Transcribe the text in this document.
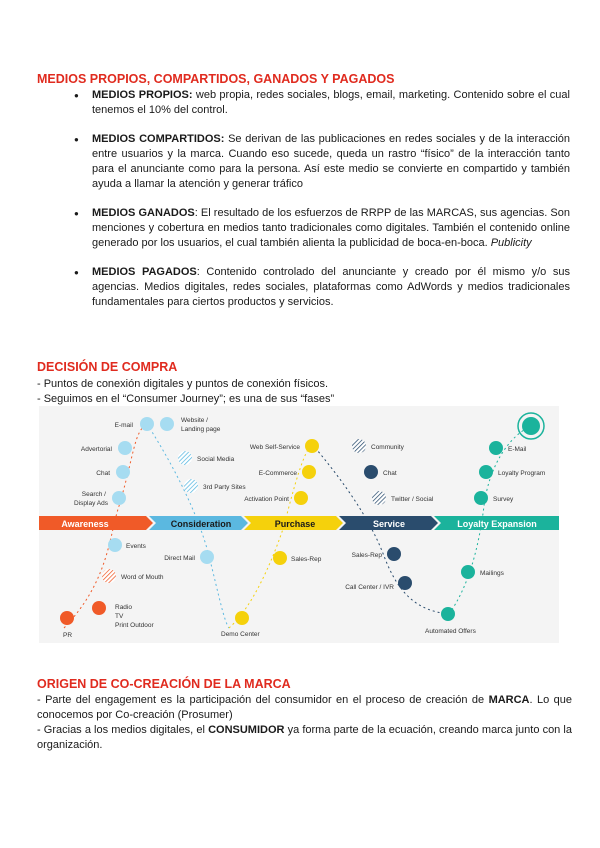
MEDIOS PROPIOS, COMPARTIDOS, GANADOS Y PAGADOS
● MEDIOS PROPIOS: web propia, redes sociales, blogs, email, marketing. Contenido sobre el cual tenemos el 10% del control.
● MEDIOS COMPARTIDOS: Se derivan de las publicaciones en redes sociales y de la interacción entre usuarios y la marca. Cuando eso sucede, queda un rastro “físico” de la interacción tanto para el anunciante como para la persona. Así este medio se convierte en compartido y también ayuda a llamar la atención y generar tráfico
● MEDIOS GANADOS: El resultado de los esfuerzos de RRPP de las MARCAS, sus agencias. Son menciones y cobertura en medios tanto tradicionales como digitales. También el contenido online generado por los usuarios, el cual también alienta la publicidad de boca-en-boca. Publicity
● MEDIOS PAGADOS: Contenido controlado del anunciante y creado por él mismo y/o sus agencias. Medios digitales, redes sociales, plataformas como AdWords y medios tradicionales fundamentales para ciertos productos y servicios.
DECISIÓN DE COMPRA

- Puntos de conexión digitales y puntos de conexión físicos.

- Seguimos en el “Consumer Journey”; es una de sus “fases”

Awareness	Consideration	Purchase	Service	Loyalty Expansion
E-mail
Advertorial
Chat
Search /
Display Ads
Website /
Landing page
Social Media
3rd Party Sites
Web Self-Service
E-Commerce
Activation Point
Community
Chat
Twitter / Social
E-Mail
Loyalty Program
Survey
Events
Word of Mouth
Radio
TV
Print Outdoor
PR
Direct Mail	Sales-Rep
Demo Center
Sales-Rep
Call Center / IVR
Mailings
Automated Offers
ORIGEN DE CO-CREACIÓN DE LA MARCA

- Parte del engagement es la participación del consumidor en el proceso de creación de MARCA. Lo que conocemos por Co-creación (Prosumer)

- Gracias a los medios digitales, el CONSUMIDOR ya forma parte de la ecuación, creando marca junto con la organización.
